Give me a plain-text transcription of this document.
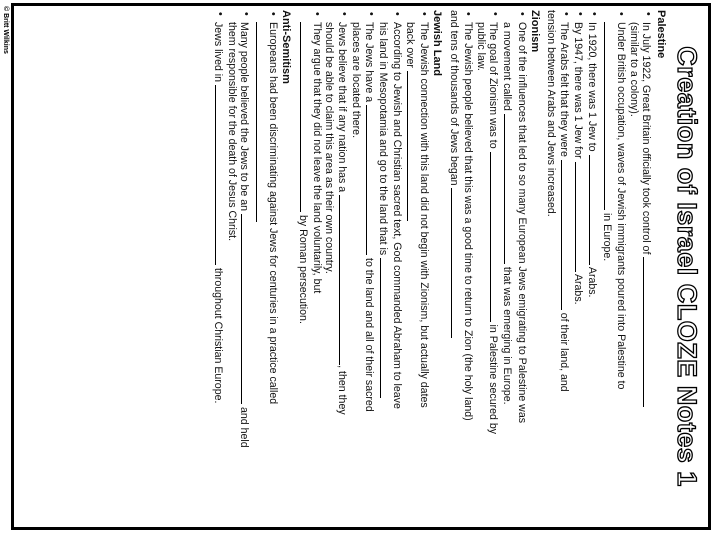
© Britt Wilkins
Creation of Israel CLOZE Notes 1
Palestine
• In July 1922, Great Britain officially took control of
(similar to a colony).
• Under British occupation, waves of Jewish immigrants poured into Palestine to
in Europe.
• In 1920, there was 1 Jew to  Arabs.
• By 1947, there was 1 Jew for  Arabs.
• The Arabs felt that they were  of their land, and
tension between Arabs and Jews increased.
Zionism
• One of the influences that led to so many European Jews emigrating to Palestine was
a movement called  that was emerging in Europe.
• The goal of Zionism was to  in Palestine secured by
public law.
• The Jewish people believed that this was a good time to return to Zion (the holy land)
and tens of thousands of Jews began
Jewish Land
• The Jewish connection with this land did not begin with Zionism, but actually dates
back over
• According to Jewish and Christian sacred text, God commanded Abraham to leave
his land in Mesopotamia and go to the land that is
• The Jews have a  to the land and all of their sacred
places are located there.
• Jews believe that if any nation has a , then they
should be able to claim this area as their own country.
• They argue that they did not leave the land voluntarily, but
by Roman persecution.
Anti-Semitism
• Europeans had been discriminating against Jews for centuries in a practice called

• Many people believed the Jews to be an  and held
them responsible for the death of Jesus Christ.
• Jews lived in  throughout Christian Europe.
